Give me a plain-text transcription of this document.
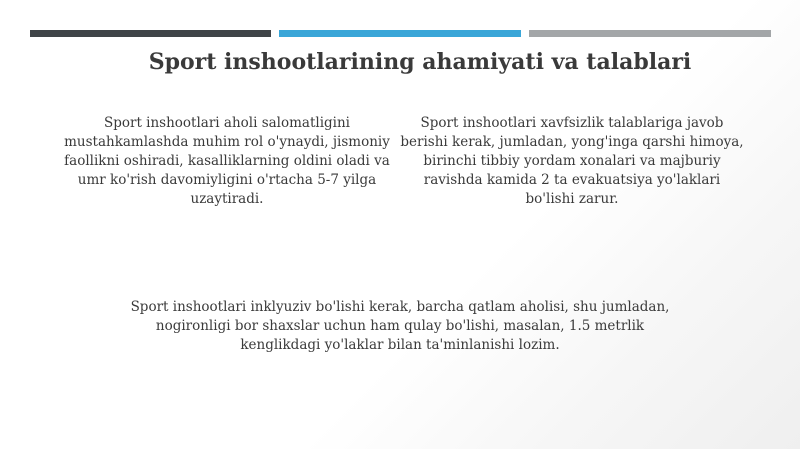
Sport inshootlarining ahamiyati va talablari
Sport inshootlari aholi salomatligini mustahkamlashda muhim rol o'ynaydi, jismoniy faollikni oshiradi, kasalliklarning oldini oladi va umr ko'rish davomiyligini o'rtacha 5-7 yilga uzaytiradi.
Sport inshootlari xavfsizlik talablariga javob berishi kerak, jumladan, yong'inga qarshi himoya, birinchi tibbiy yordam xonalari va majburiy ravishda kamida 2 ta evakuatsiya yo'laklari bo'lishi zarur.
Sport inshootlari inklyuziv bo'lishi kerak, barcha qatlam aholisi, shu jumladan, nogironligi bor shaxslar uchun ham qulay bo'lishi, masalan, 1.5 metrlik kenglikdagi yo'laklar bilan ta'minlanishi lozim.
